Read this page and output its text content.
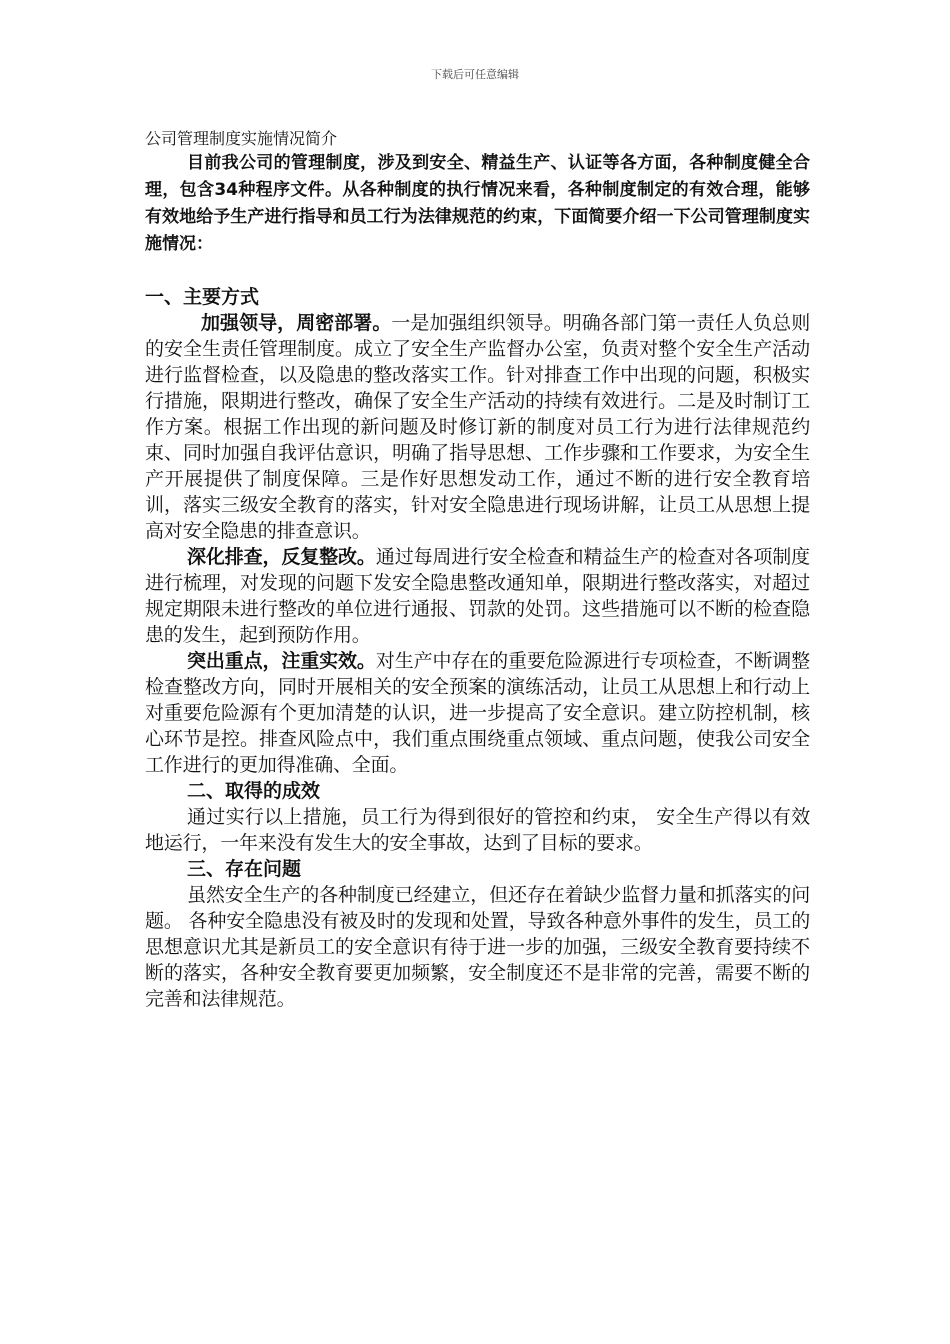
下载后可任意编辑

公司管理制度实施情况简介

目前我公司的管理制度，涉及到安全、精益生产、认证等各方面，各种制度健全合理，包含34种程序文件。从各种制度的执行情况来看，各种制度制定的有效合理，能够有效地给予生产进行指导和员工行为法律规范的约束，下面简要介绍一下公司管理制度实施情况：

一、主要方式

加强领导，周密部署。一是加强组织领导。明确各部门第一责任人负总则的安全生责任管理制度。成立了安全生产监督办公室，负责对整个安全生产活动进行监督检查，以及隐患的整改落实工作。针对排查工作中出现的问题，积极实行措施，限期进行整改，确保了安全生产活动的持续有效进行。二是及时制订工作方案。根据工作出现的新问题及时修订新的制度对员工行为进行法律规范约束、同时加强自我评估意识，明确了指导思想、工作步骤和工作要求，为安全生产开展提供了制度保障。三是作好思想发动工作，通过不断的进行安全教育培训，落实三级安全教育的落实，针对安全隐患进行现场讲解，让员工从思想上提高对安全隐患的排查意识。

深化排查，反复整改。通过每周进行安全检查和精益生产的检查对各项制度进行梳理，对发现的问题下发安全隐患整改通知单，限期进行整改落实，对超过规定期限未进行整改的单位进行通报、罚款的处罚。这些措施可以不断的检查隐患的发生，起到预防作用。

突出重点，注重实效。对生产中存在的重要危险源进行专项检查，不断调整检查整改方向，同时开展相关的安全预案的演练活动，让员工从思想上和行动上对重要危险源有个更加清楚的认识，进一步提高了安全意识。建立防控机制，核心环节是控。排查风险点中，我们重点围绕重点领域、重点问题，使我公司安全工作进行的更加得准确、全面。

二、取得的成效

通过实行以上措施，员工行为得到很好的管控和约束， 安全生产得以有效地运行，一年来没有发生大的安全事故，达到了目标的要求。

三、存在问题

虽然安全生产的各种制度已经建立，但还存在着缺少监督力量和抓落实的问题。 各种安全隐患没有被及时的发现和处置，导致各种意外事件的发生，员工的思想意识尤其是新员工的安全意识有待于进一步的加强，三级安全教育要持续不断的落实，各种安全教育要更加频繁，安全制度还不是非常的完善，需要不断的完善和法律规范。
